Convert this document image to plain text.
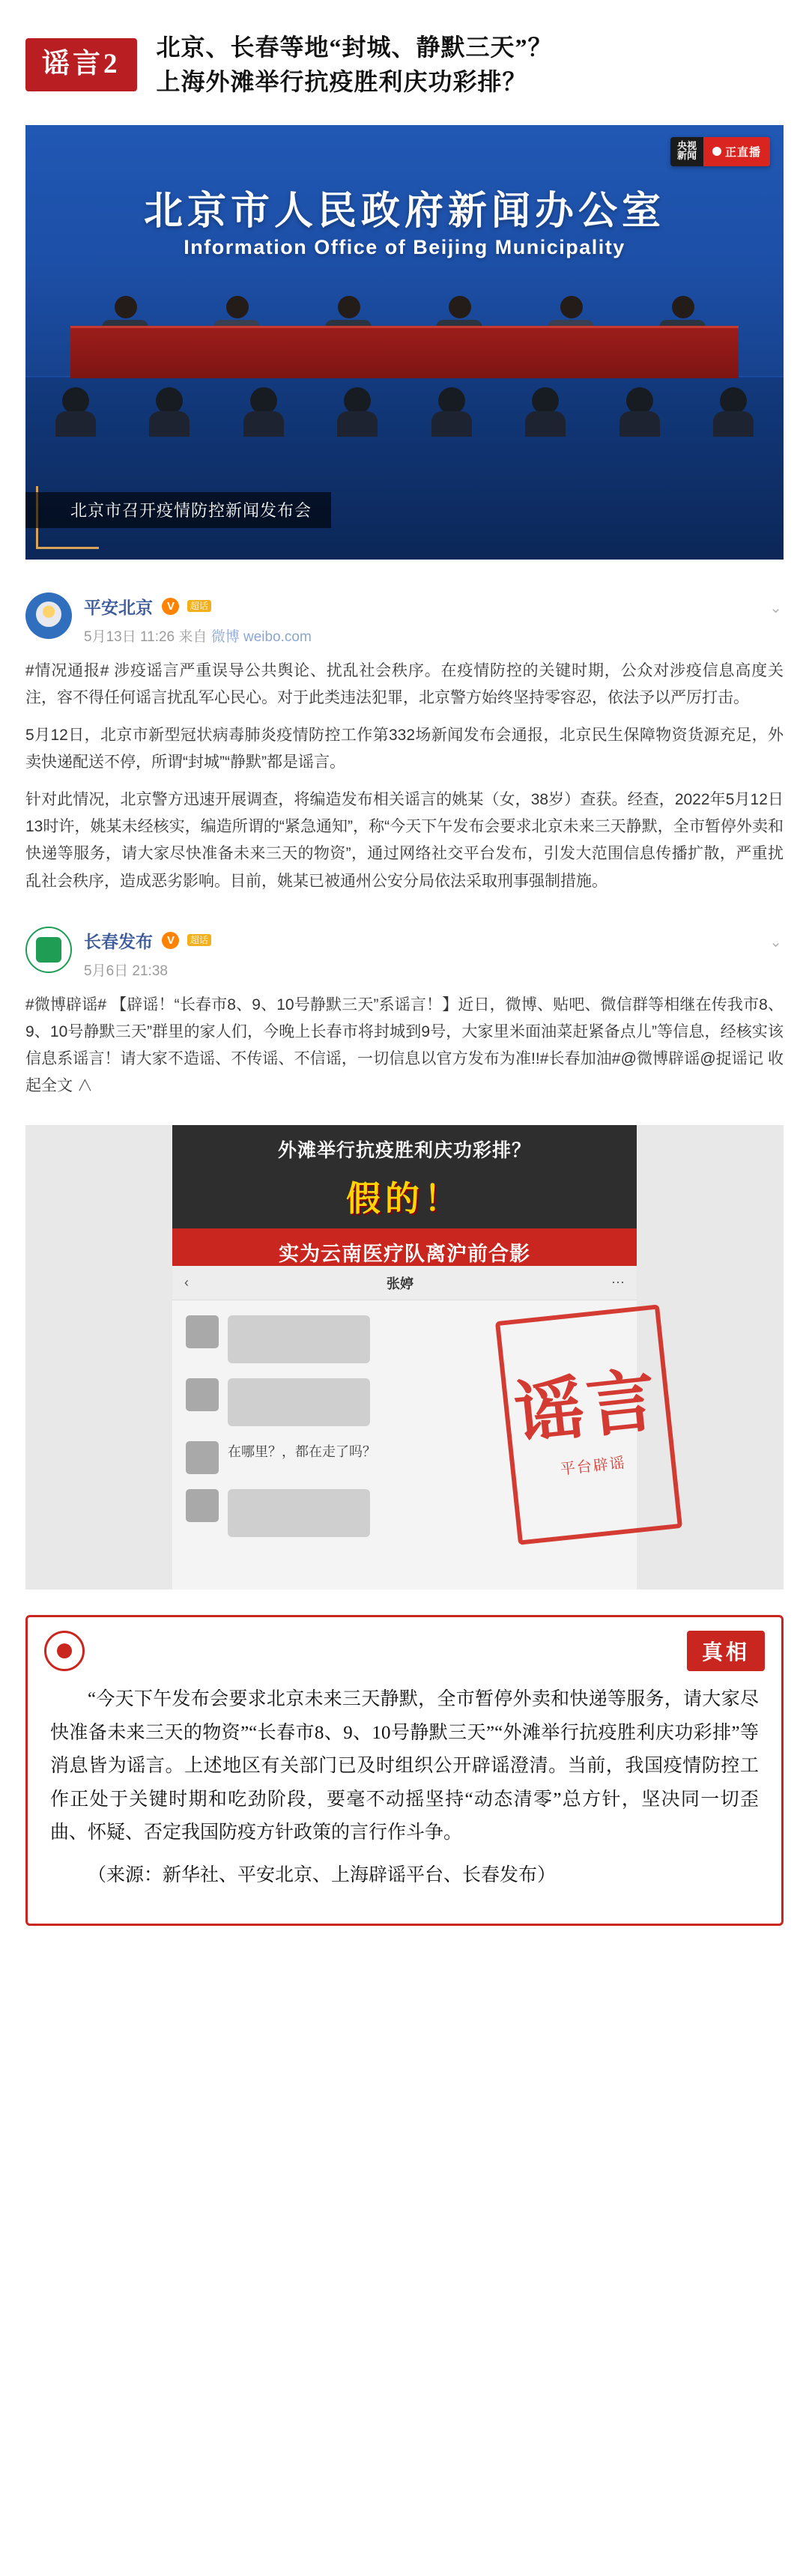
谣言2
北京、长春等地“封城、静默三天”？
上海外滩举行抗疫胜利庆功彩排？
央视
新闻	正直播
北京市人民政府新闻办公室
Information Office of Beijing Municipality
北京市召开疫情防控新闻发布会
⌄
平安北京 V 超话
5月13日 11:26 来自 微博 weibo.com

#情况通报# 涉疫谣言严重误导公共舆论、扰乱社会秩序。在疫情防控的关键时期，公众对涉疫信息高度关注，容不得任何谣言扰乱军心民心。对于此类违法犯罪，北京警方始终坚持零容忍，依法予以严厉打击。

5月12日，北京市新型冠状病毒肺炎疫情防控工作第332场新闻发布会通报，北京民生保障物资货源充足，外卖快递配送不停，所谓“封城”“静默”都是谣言。

针对此情况，北京警方迅速开展调查，将编造发布相关谣言的姚某（女，38岁）查获。经查，2022年5月12日13时许，姚某未经核实，编造所谓的“紧急通知”，称“今天下午发布会要求北京未来三天静默，全市暂停外卖和快递等服务，请大家尽快准备未来三天的物资”，通过网络社交平台发布，引发大范围信息传播扩散，严重扰乱社会秩序，造成恶劣影响。目前，姚某已被通州公安分局依法采取刑事强制措施。

⌄
长春发布 V 超话
5月6日 21:38

#微博辟谣# 【辟谣！“长春市8、9、10号静默三天”系谣言！】近日，微博、贴吧、微信群等相继在传我市8、9、10号静默三天”群里的家人们，今晚上长春市将封城到9号，大家里米面油菜赶紧备点儿”等信息，经核实该信息系谣言！请大家不造谣、不传谣、不信谣，一切信息以官方发布为准!!#长春加油#@微博辟谣@捉谣记 收起全文 ∧

外滩举行抗疫胜利庆功彩排？
假的！
实为云南医疗队离沪前合影
‹	张婷	⋯
在哪里？，都在走了吗？ 谣言
平台辟谣
真相

“今天下午发布会要求北京未来三天静默，全市暂停外卖和快递等服务，请大家尽快准备未来三天的物资”“长春市8、9、10号静默三天”“外滩举行抗疫胜利庆功彩排”等消息皆为谣言。上述地区有关部门已及时组织公开辟谣澄清。当前，我国疫情防控工作正处于关键时期和吃劲阶段，要毫不动摇坚持“动态清零”总方针，坚决同一切歪曲、怀疑、否定我国防疫方针政策的言行作斗争。

（来源：新华社、平安北京、上海辟谣平台、长春发布）
